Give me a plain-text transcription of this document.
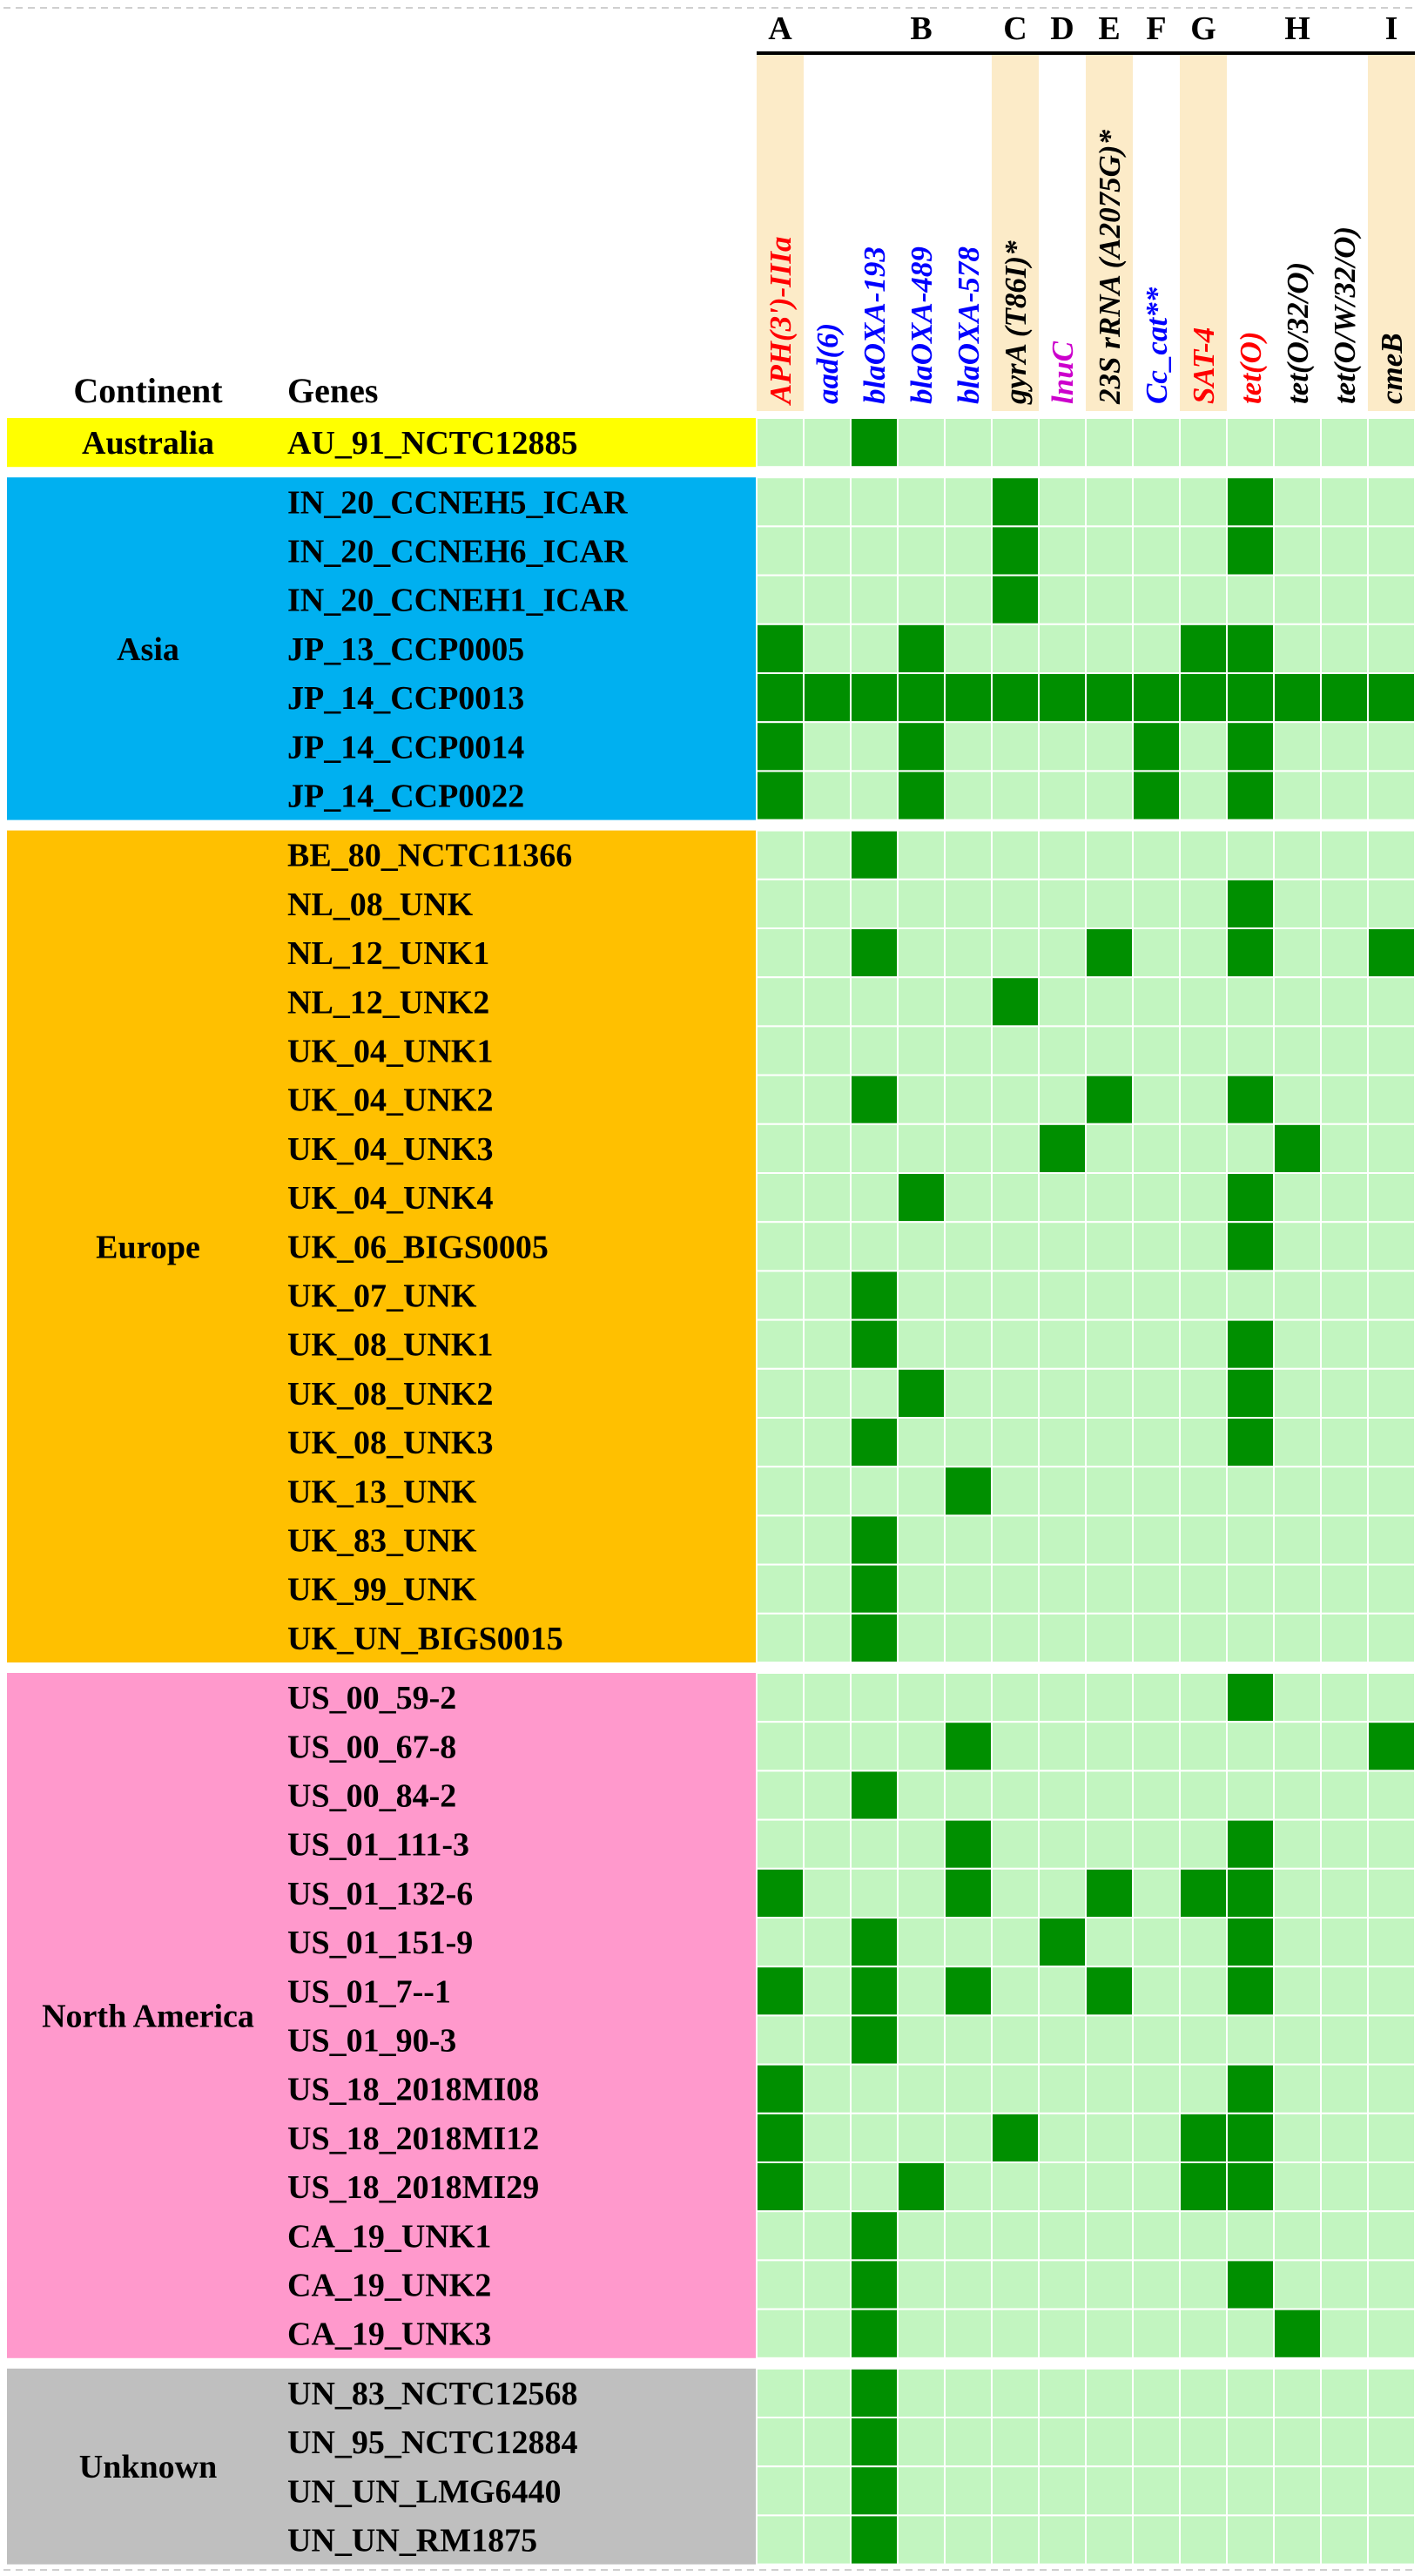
A	B C D E F G H I
APH(3')-IIIa aad(6) blaOXA-193 blaOXA-489 blaOXA-578 gyrA (T86I)* lnuC 23S rRNA (A2075G)* Cc_cat** SAT-4 tet(O) tet(O/32/O) tet(O/W/32/O) cmeB
Continent Genes
Australia
Asia
Europe
North America
Unknown
AU_91_NCTC12885
IN_20_CCNEH5_ICAR
IN_20_CCNEH6_ICAR
IN_20_CCNEH1_ICAR
JP_13_CCP0005
JP_14_CCP0013
JP_14_CCP0014
JP_14_CCP0022
BE_80_NCTC11366
NL_08_UNK
NL_12_UNK1
NL_12_UNK2
UK_04_UNK1
UK_04_UNK2
UK_04_UNK3
UK_04_UNK4
UK_06_BIGS0005
UK_07_UNK
UK_08_UNK1
UK_08_UNK2
UK_08_UNK3
UK_13_UNK
UK_83_UNK
UK_99_UNK
UK_UN_BIGS0015
US_00_59-2
US_00_67-8
US_00_84-2
US_01_111-3
US_01_132-6
US_01_151-9
US_01_7--1
US_01_90-3
US_18_2018MI08
US_18_2018MI12
US_18_2018MI29
CA_19_UNK1
CA_19_UNK2
CA_19_UNK3
UN_83_NCTC12568
UN_95_NCTC12884
UN_UN_LMG6440
UN_UN_RM1875
